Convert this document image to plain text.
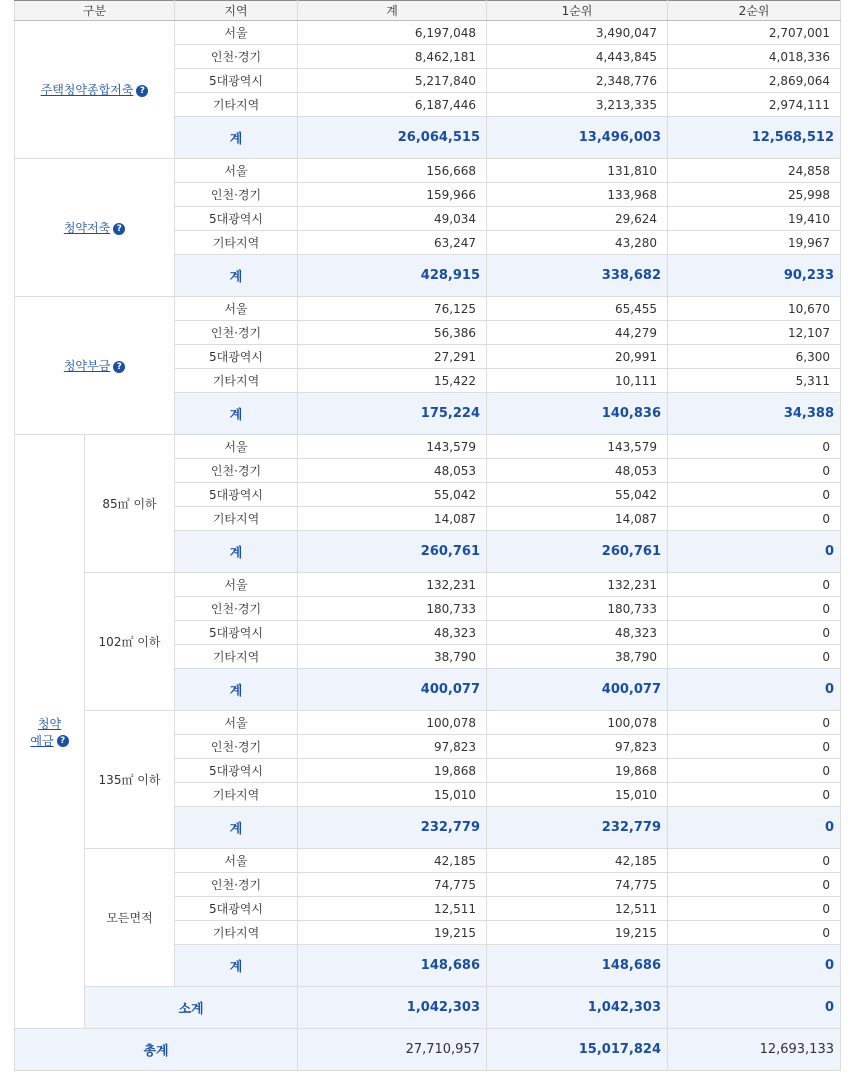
구분		지역	계	1순위	2순위
주택청약종합저축 ?		서울	6,197,048	3,490,047	2,707,001
		인천·경기	8,462,181	4,443,845	4,018,336
		5대광역시	5,217,840	2,348,776	2,869,064
		기타지역	6,187,446	3,213,335	2,974,111
		계	26,064,515	13,496,003	12,568,512
청약저축 ?		서울	156,668	131,810	24,858
		인천·경기	159,966	133,968	25,998
		5대광역시	49,034	29,624	19,410
		기타지역	63,247	43,280	19,967
		계	428,915	338,682	90,233
청약부금 ?		서울	76,125	65,455	10,670
		인천·경기	56,386	44,279	12,107
		5대광역시	27,291	20,991	6,300
		기타지역	15,422	10,111	5,311
		계	175,224	140,836	34,388
청약
예금 ?	85㎡ 이하	서울	143,579	143,579	0
		인천·경기	48,053	48,053	0
		5대광역시	55,042	55,042	0
		기타지역	14,087	14,087	0
		계	260,761	260,761	0
	102㎡ 이하	서울	132,231	132,231	0
		인천·경기	180,733	180,733	0
		5대광역시	48,323	48,323	0
		기타지역	38,790	38,790	0
		계	400,077	400,077	0
	135㎡ 이하	서울	100,078	100,078	0
		인천·경기	97,823	97,823	0
		5대광역시	19,868	19,868	0
		기타지역	15,010	15,010	0
		계	232,779	232,779	0
	모든면적	서울	42,185	42,185	0
		인천·경기	74,775	74,775	0
		5대광역시	12,511	12,511	0
		기타지역	19,215	19,215	0
		계	148,686	148,686	0
	소계		1,042,303	1,042,303	0
총계			27,710,957	15,017,824	12,693,133
